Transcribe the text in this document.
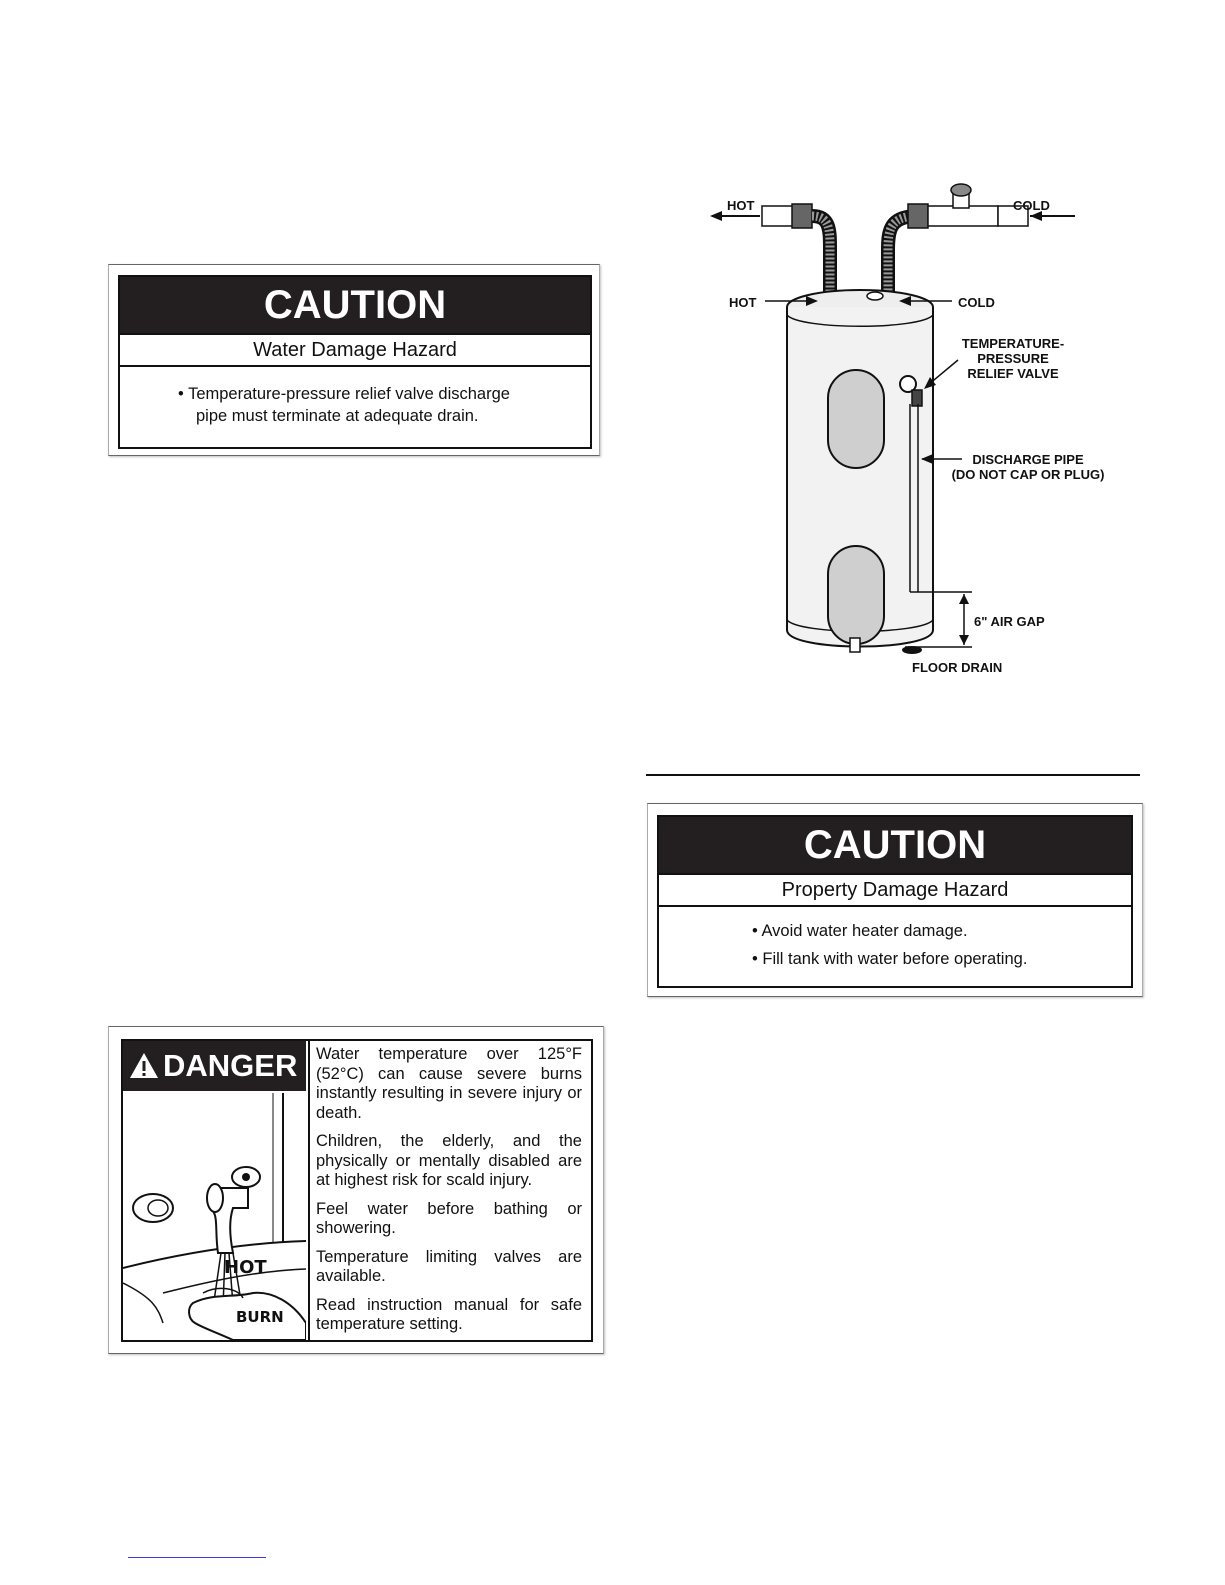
CAUTION
Water Damage Hazard
• Temperature-pressure relief valve discharge
pipe must terminate at adequate drain.
DANGER
HOT
BURN

Water temperature over 125°F (52°C) can cause severe burns instantly resulting in severe injury or death.

Children, the elderly, and the physically or mentally disabled are at highest risk for scald injury.

Feel water before bathing or showering.

Temperature limiting valves are available.

Read instruction manual for safe temperature setting.

HOT	COLD
HOT	COLD
TEMPERATURE-
PRESSURE
RELIEF VALVE
DISCHARGE PIPE
(DO NOT CAP OR PLUG)
6" AIR GAP
FLOOR DRAIN
CAUTION
Property Damage Hazard
• Avoid water heater damage.
• Fill tank with water before operating.
